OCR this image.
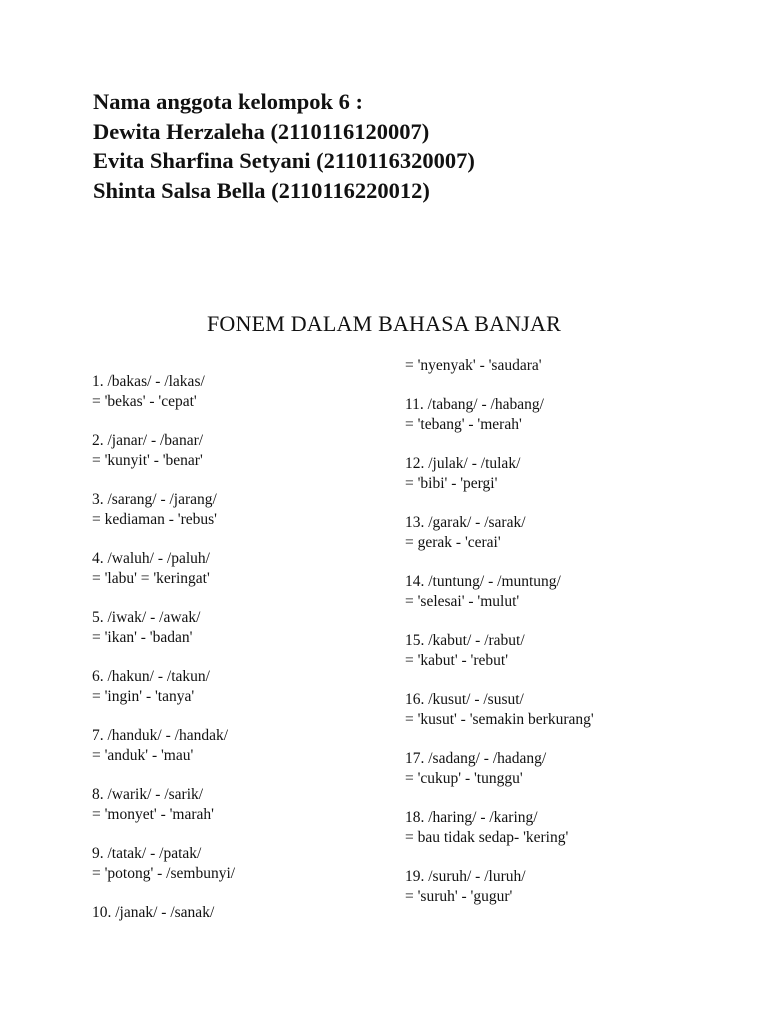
Nama anggota kelompok 6 :
Dewita Herzaleha (2110116120007)
Evita Sharfina Setyani (2110116320007)
Shinta Salsa Bella (2110116220012)
FONEM DALAM BAHASA BANJAR
1. /bakas/ - /lakas/
= 'bekas' - 'cepat'
2. /janar/ - /banar/
= 'kunyit' - 'benar'
3. /sarang/ - /jarang/
= kediaman - 'rebus'
4. /waluh/ - /paluh/
= 'labu' = 'keringat'
5. /iwak/ - /awak/
= 'ikan' - 'badan'
6. /hakun/ - /takun/
= 'ingin' - 'tanya'
7. /handuk/ - /handak/
= 'anduk' - 'mau'
8. /warik/ - /sarik/
= 'monyet' - 'marah'
9. /tatak/ - /patak/
= 'potong' - /sembunyi/
10. /janak/ - /sanak/
= 'nyenyak' - 'saudara'
11. /tabang/ - /habang/
= 'tebang' - 'merah'
12. /julak/ - /tulak/
= 'bibi' - 'pergi'
13. /garak/ - /sarak/
= gerak - 'cerai'
14. /tuntung/ - /muntung/
= 'selesai' - 'mulut'
15. /kabut/ - /rabut/
= 'kabut' - 'rebut'
16. /kusut/ - /susut/
= 'kusut' - 'semakin berkurang'
17. /sadang/ - /hadang/
= 'cukup' - 'tunggu'
18. /haring/ - /karing/
= bau tidak sedap- 'kering'
19. /suruh/ - /luruh/
= 'suruh' - 'gugur'
